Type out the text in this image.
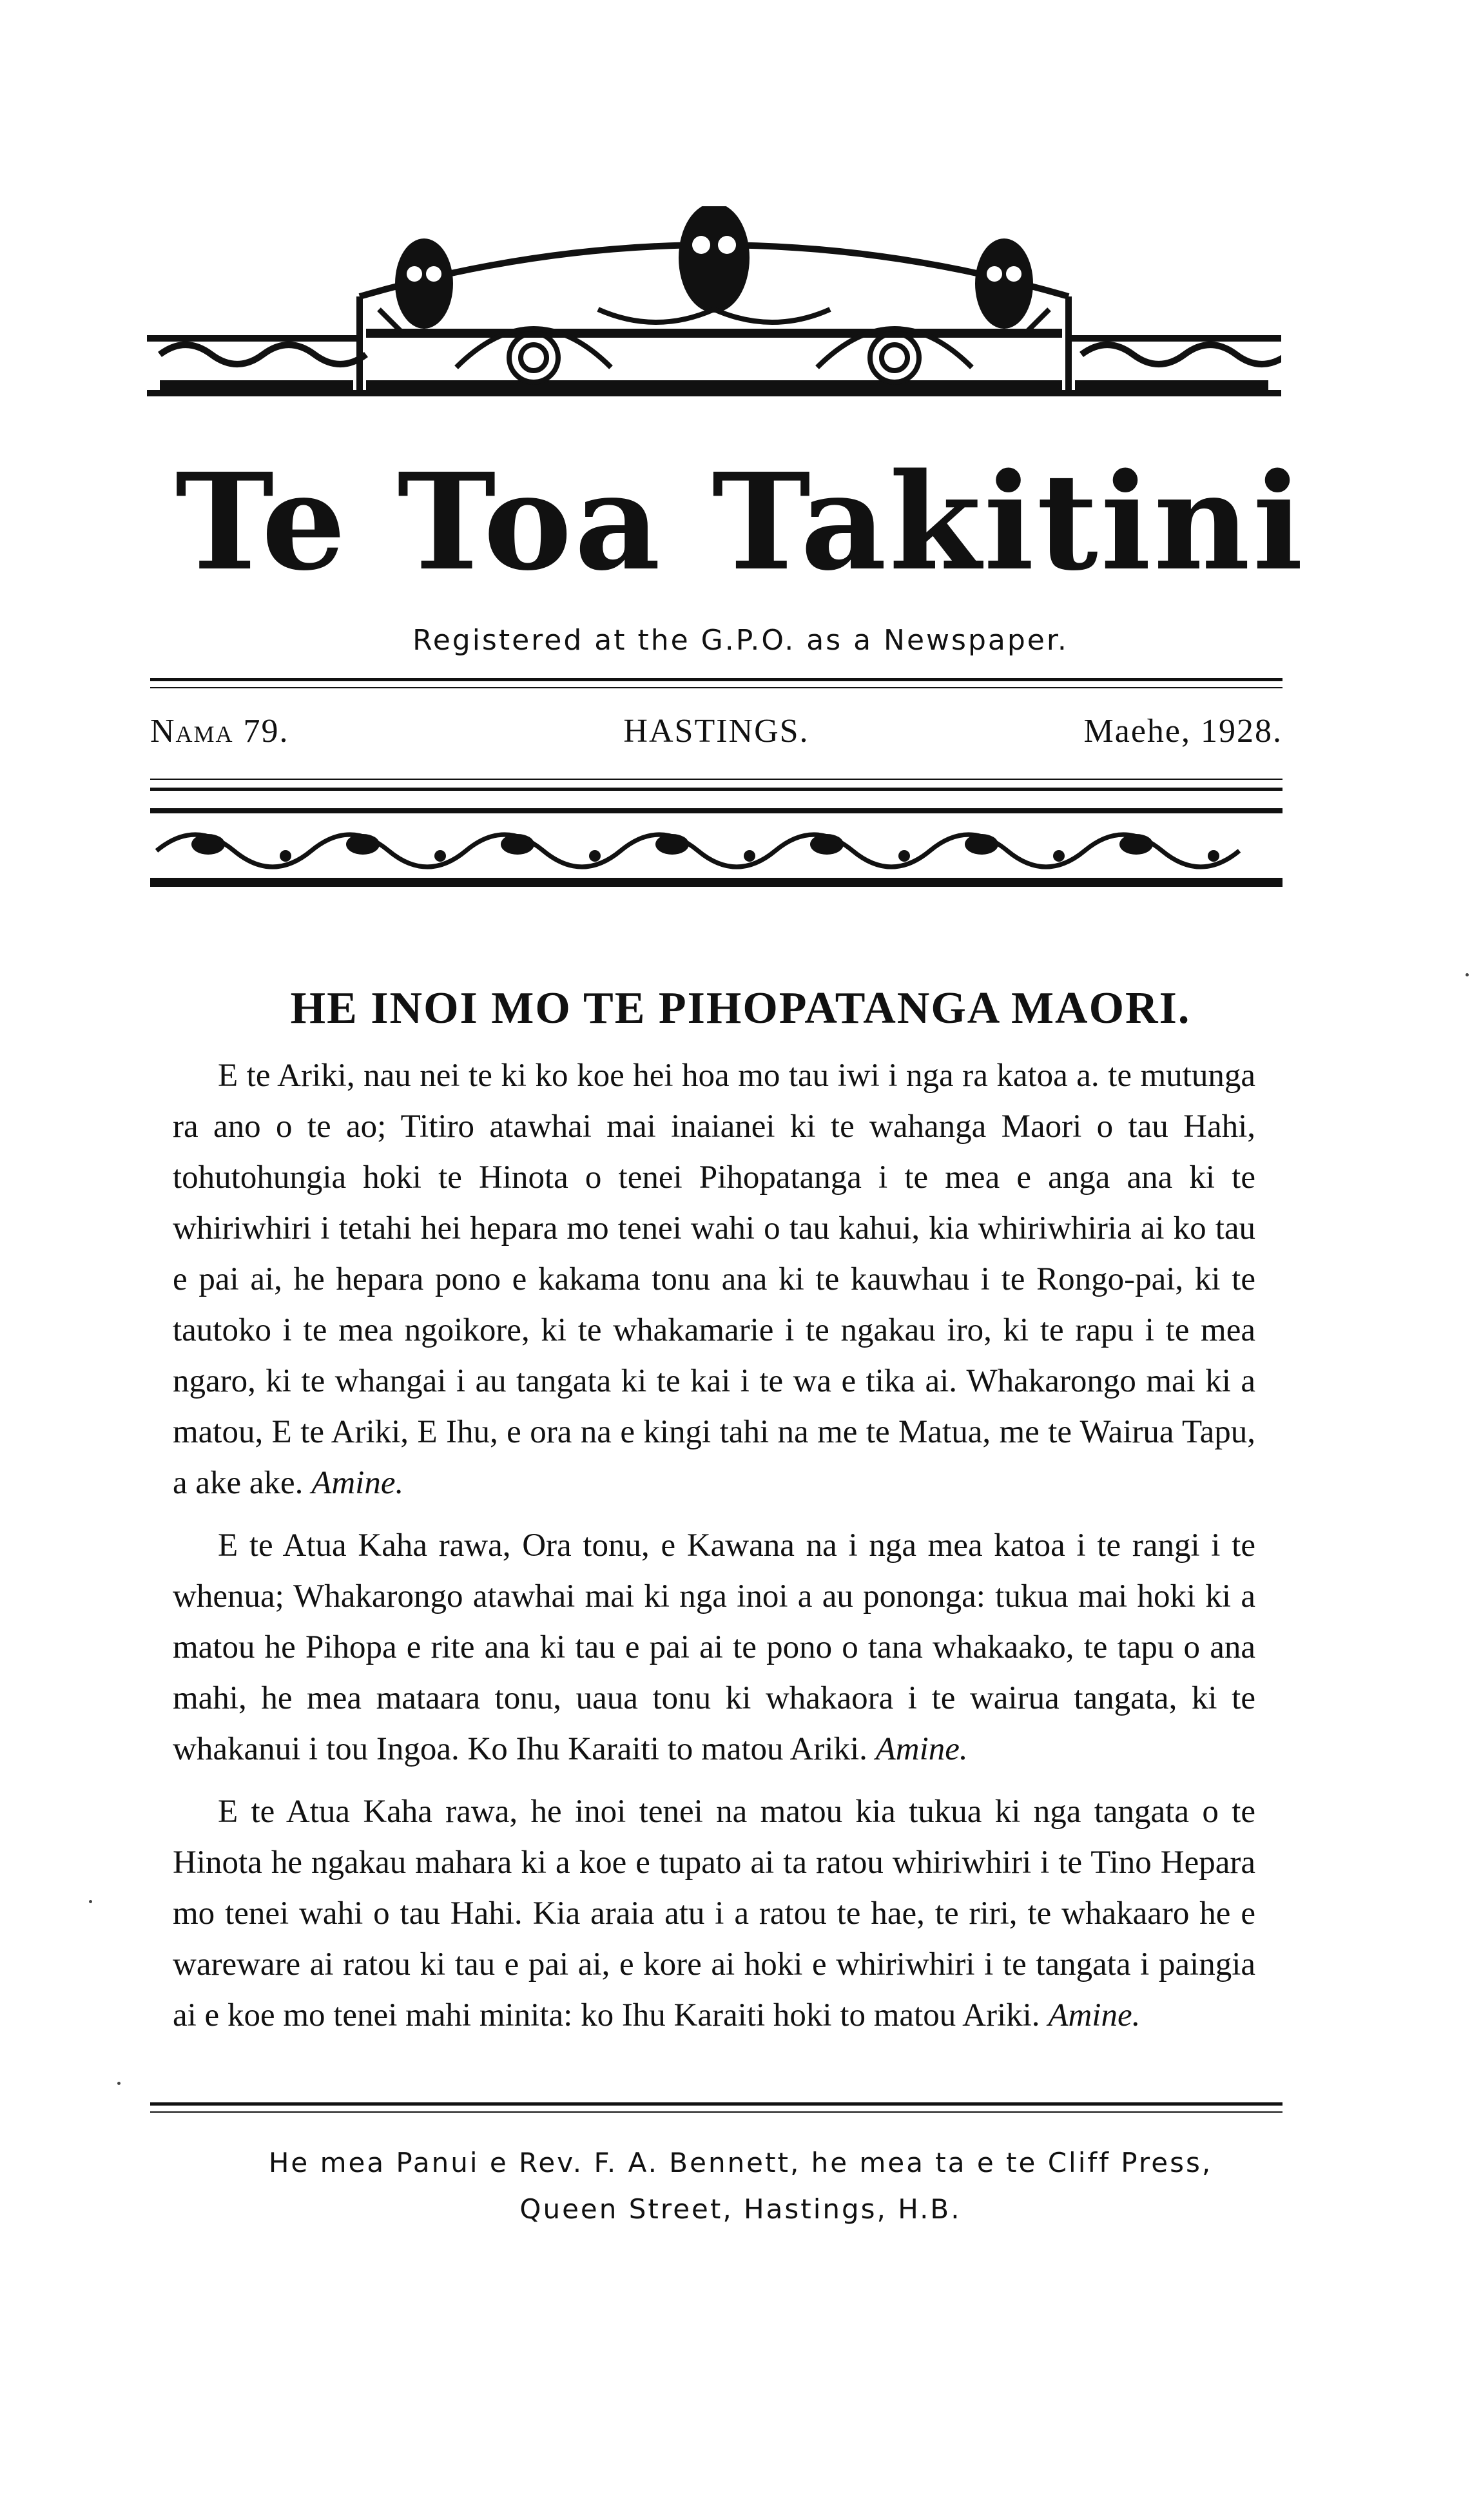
Te Toa Takitini
Registered at the G.P.O. as a Newspaper.
Nama 79.	HASTINGS.	Maehe, 1928.
HE INOI MO TE PIHOPATANGA MAORI.

E te Ariki, nau nei te ki ko koe hei hoa mo tau iwi i nga ra katoa a. te mutunga ra ano o te ao; Titiro atawhai mai inaianei ki te wahanga Maori o tau Hahi, tohutohungia hoki te Hinota o tenei Pihopatanga i te mea e anga ana ki te whiriwhiri i tetahi hei hepara mo tenei wahi o tau kahui, kia whiriwhiria ai ko tau e pai ai, he hepara pono e kakama tonu ana ki te kauwhau i te Rongo-pai, ki te tautoko i te mea ngoikore, ki te whakamarie i te ngakau iro, ki te rapu i te mea ngaro, ki te whangai i au tangata ki te kai i te wa e tika ai. Whakarongo mai ki a matou, E te Ariki, E Ihu, e ora na e kingi tahi na me te Matua, me te Wairua Tapu, a ake ake. Amine.

E te Atua Kaha rawa, Ora tonu, e Kawana na i nga mea katoa i te rangi i te whenua; Whakarongo atawhai mai ki nga inoi a au pononga: tukua mai hoki ki a matou he Pihopa e rite ana ki tau e pai ai te pono o tana whakaako, te tapu o ana mahi, he mea mataara tonu, uaua tonu ki whakaora i te wairua tangata, ki te whakanui i tou Ingoa. Ko Ihu Karaiti to matou Ariki. Amine.

E te Atua Kaha rawa, he inoi tenei na matou kia tukua ki nga tangata o te Hinota he ngakau mahara ki a koe e tupato ai ta ratou whiriwhiri i te Tino Hepara mo tenei wahi o tau Hahi. Kia araia atu i a ratou te hae, te riri, te whakaaro he e wareware ai ratou ki tau e pai ai, e kore ai hoki e whiriwhiri i te tangata i paingia ai e koe mo tenei mahi minita: ko Ihu Karaiti hoki to matou Ariki. Amine.

He mea Panui e Rev. F. A. Bennett, he mea ta e te Cliff Press,
Queen Street, Hastings, H.B.
